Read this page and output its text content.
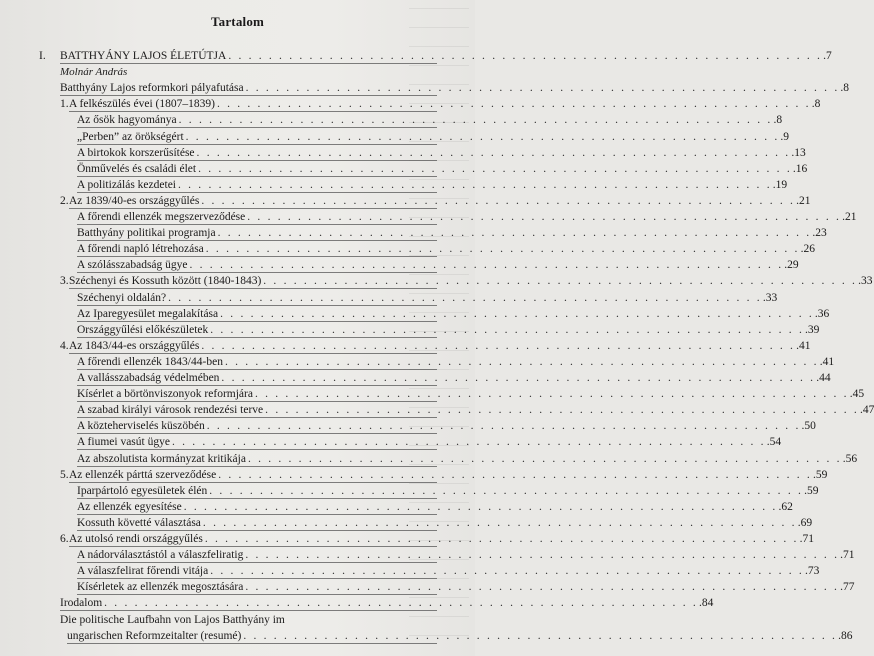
Tartalom
I. BATTHYÁNY LAJOS ÉLETÚTJA . . . . . . . . . . . . . . . . . . . . . . . . . . . . . . . . . . . . . . . . . . . . . . . . . . . . . . . . . . . .7
Molnár András
Batthyány Lajos reformkori pályafutása . . . . . . . . . . . . . . . . . . . . . . . . . . . . . . . . . . . . . . . . . . . . . . . . . . . . . . . . . . . .8
1. A felkészülés évei (1807–1839) . . . . . . . . . . . . . . . . . . . . . . . . . . . . . . . . . . . . . . . . . . . . . . . . . . . . . . . . . . . .8
Az ősök hagyománya . . . . . . . . . . . . . . . . . . . . . . . . . . . . . . . . . . . . . . . . . . . . . . . . . . . . . . . . . . . .8
„Perben” az örökségért . . . . . . . . . . . . . . . . . . . . . . . . . . . . . . . . . . . . . . . . . . . . . . . . . . . . . . . . . . . .9
A birtokok korszerűsítése . . . . . . . . . . . . . . . . . . . . . . . . . . . . . . . . . . . . . . . . . . . . . . . . . . . . . . . . . . . .13
Önművelés és családi élet . . . . . . . . . . . . . . . . . . . . . . . . . . . . . . . . . . . . . . . . . . . . . . . . . . . . . . . . . . . .16
A politizálás kezdetei . . . . . . . . . . . . . . . . . . . . . . . . . . . . . . . . . . . . . . . . . . . . . . . . . . . . . . . . . . . .19
2. Az 1839/40-es országgyűlés . . . . . . . . . . . . . . . . . . . . . . . . . . . . . . . . . . . . . . . . . . . . . . . . . . . . . . . . . . . .21
A főrendi ellenzék megszerveződése . . . . . . . . . . . . . . . . . . . . . . . . . . . . . . . . . . . . . . . . . . . . . . . . . . . . . . . . . . . .21
Batthyány politikai programja . . . . . . . . . . . . . . . . . . . . . . . . . . . . . . . . . . . . . . . . . . . . . . . . . . . . . . . . . . . .23
A főrendi napló létrehozása . . . . . . . . . . . . . . . . . . . . . . . . . . . . . . . . . . . . . . . . . . . . . . . . . . . . . . . . . . . .26
A szólásszabadság ügye . . . . . . . . . . . . . . . . . . . . . . . . . . . . . . . . . . . . . . . . . . . . . . . . . . . . . . . . . . . .29
3. Széchenyi és Kossuth között (1840-1843) . . . . . . . . . . . . . . . . . . . . . . . . . . . . . . . . . . . . . . . . . . . . . . . . . . . . . . . . . . . .33
Széchenyi oldalán? . . . . . . . . . . . . . . . . . . . . . . . . . . . . . . . . . . . . . . . . . . . . . . . . . . . . . . . . . . . .33
Az Iparegyesület megalakítása . . . . . . . . . . . . . . . . . . . . . . . . . . . . . . . . . . . . . . . . . . . . . . . . . . . . . . . . . . . .36
Országgyűlési előkészületek . . . . . . . . . . . . . . . . . . . . . . . . . . . . . . . . . . . . . . . . . . . . . . . . . . . . . . . . . . . .39
4. Az 1843/44-es országgyűlés . . . . . . . . . . . . . . . . . . . . . . . . . . . . . . . . . . . . . . . . . . . . . . . . . . . . . . . . . . . .41
A főrendi ellenzék 1843/44-ben . . . . . . . . . . . . . . . . . . . . . . . . . . . . . . . . . . . . . . . . . . . . . . . . . . . . . . . . . . . .41
A vallásszabadság védelmében . . . . . . . . . . . . . . . . . . . . . . . . . . . . . . . . . . . . . . . . . . . . . . . . . . . . . . . . . . . .44
Kísérlet a börtönviszonyok reformjára . . . . . . . . . . . . . . . . . . . . . . . . . . . . . . . . . . . . . . . . . . . . . . . . . . . . . . . . . . . .45
A szabad királyi városok rendezési terve . . . . . . . . . . . . . . . . . . . . . . . . . . . . . . . . . . . . . . . . . . . . . . . . . . . . . . . . . . . .47
A közteherviselés küszöbén . . . . . . . . . . . . . . . . . . . . . . . . . . . . . . . . . . . . . . . . . . . . . . . . . . . . . . . . . . . .50
A fiumei vasút ügye . . . . . . . . . . . . . . . . . . . . . . . . . . . . . . . . . . . . . . . . . . . . . . . . . . . . . . . . . . . .54
Az abszolutista kormányzat kritikája . . . . . . . . . . . . . . . . . . . . . . . . . . . . . . . . . . . . . . . . . . . . . . . . . . . . . . . . . . . .56
5. Az ellenzék párttá szerveződése . . . . . . . . . . . . . . . . . . . . . . . . . . . . . . . . . . . . . . . . . . . . . . . . . . . . . . . . . . . .59
Iparpártoló egyesületek élén . . . . . . . . . . . . . . . . . . . . . . . . . . . . . . . . . . . . . . . . . . . . . . . . . . . . . . . . . . . .59
Az ellenzék egyesítése . . . . . . . . . . . . . . . . . . . . . . . . . . . . . . . . . . . . . . . . . . . . . . . . . . . . . . . . . . . .62
Kossuth követté választása . . . . . . . . . . . . . . . . . . . . . . . . . . . . . . . . . . . . . . . . . . . . . . . . . . . . . . . . . . . .69
6. Az utolsó rendi országgyűlés . . . . . . . . . . . . . . . . . . . . . . . . . . . . . . . . . . . . . . . . . . . . . . . . . . . . . . . . . . . .71
A nádorválasztástól a válaszfeliratig . . . . . . . . . . . . . . . . . . . . . . . . . . . . . . . . . . . . . . . . . . . . . . . . . . . . . . . . . . . .71
A válaszfelirat főrendi vitája . . . . . . . . . . . . . . . . . . . . . . . . . . . . . . . . . . . . . . . . . . . . . . . . . . . . . . . . . . . .73
Kísérletek az ellenzék megosztására . . . . . . . . . . . . . . . . . . . . . . . . . . . . . . . . . . . . . . . . . . . . . . . . . . . . . . . . . . . .77
Irodalom . . . . . . . . . . . . . . . . . . . . . . . . . . . . . . . . . . . . . . . . . . . . . . . . . . . . . . . . . . . .84
Die politische Laufbahn von Lajos Batthyány im
ungarischen Reformzeitalter (resumé) . . . . . . . . . . . . . . . . . . . . . . . . . . . . . . . . . . . . . . . . . . . . . . . . . . . . . . . . . . . .86
